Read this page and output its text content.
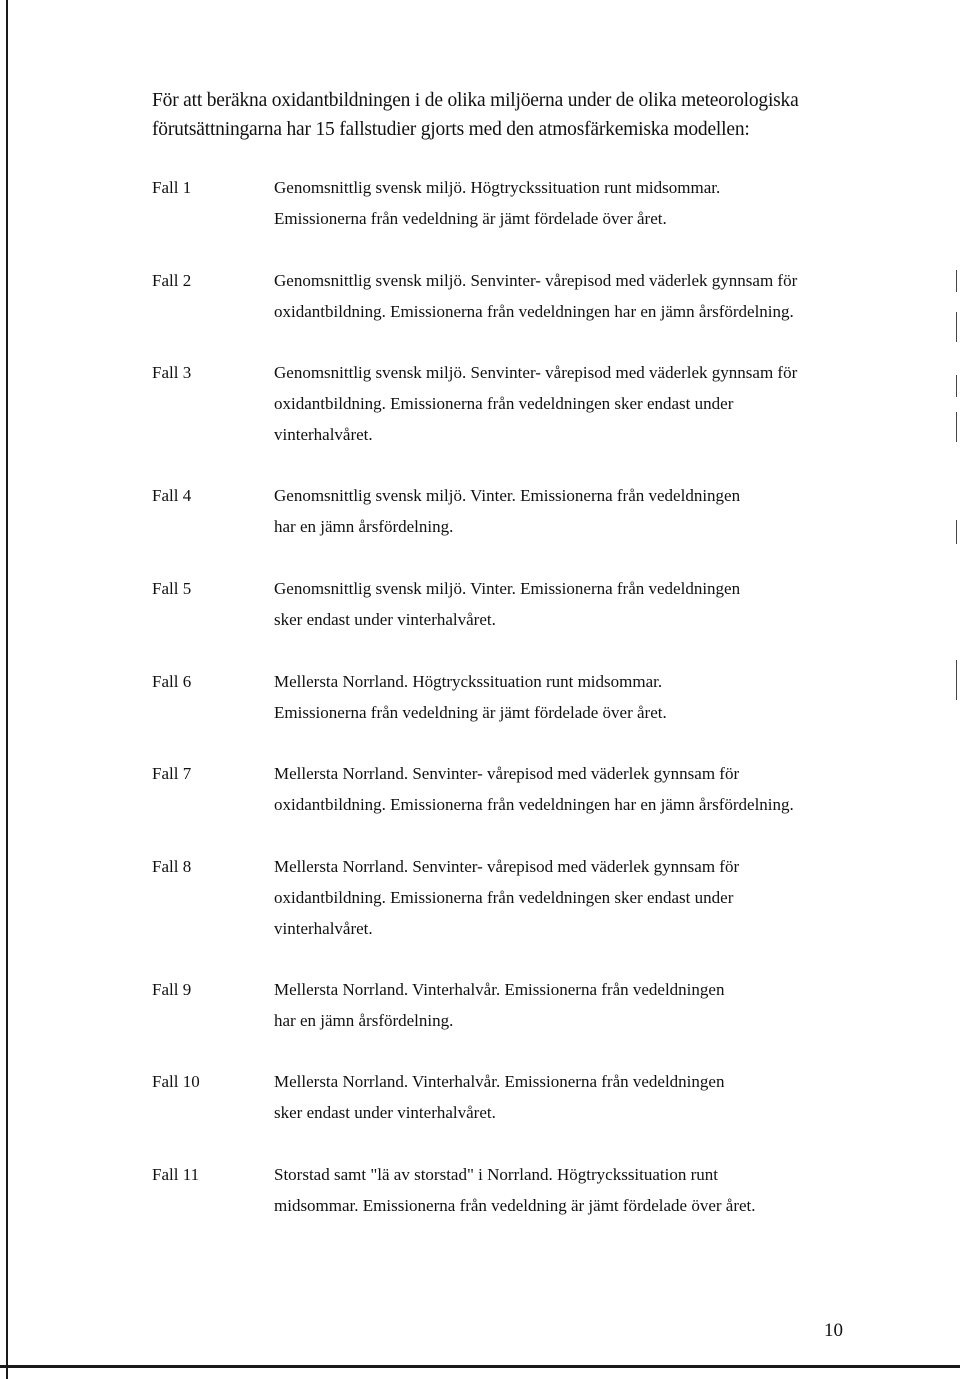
För att beräkna oxidantbildningen i de olika miljöerna under de olika meteorologiska

förutsättningarna har 15 fallstudier gjorts med den atmosfärkemiska modellen:

Fall 1	Genomsnittlig svensk miljö. Högtryckssituation runt midsommar.
Emissionerna från vedeldning är jämt fördelade över året.
Fall 2	Genomsnittlig svensk miljö. Senvinter- vårepisod med väderlek gynnsam för
oxidantbildning. Emissionerna från vedeldningen har en jämn årsfördelning.
Fall 3	Genomsnittlig svensk miljö. Senvinter- vårepisod med väderlek gynnsam för
oxidantbildning. Emissionerna från vedeldningen sker endast under
vinterhalvåret.
Fall 4	Genomsnittlig svensk miljö. Vinter. Emissionerna från vedeldningen
har en jämn årsfördelning.
Fall 5	Genomsnittlig svensk miljö. Vinter. Emissionerna från vedeldningen
sker endast under vinterhalvåret.
Fall 6	Mellersta Norrland. Högtryckssituation runt midsommar.
Emissionerna från vedeldning är jämt fördelade över året.
Fall 7	Mellersta Norrland. Senvinter- vårepisod med väderlek gynnsam för
oxidantbildning. Emissionerna från vedeldningen har en jämn årsfördelning.
Fall 8	Mellersta Norrland. Senvinter- vårepisod med väderlek gynnsam för
oxidantbildning. Emissionerna från vedeldningen sker endast under
vinterhalvåret.
Fall 9	Mellersta Norrland. Vinterhalvår. Emissionerna från vedeldningen
har en jämn årsfördelning.
Fall 10	Mellersta Norrland. Vinterhalvår. Emissionerna från vedeldningen
sker endast under vinterhalvåret.
Fall 11	Storstad samt "lä av storstad" i Norrland. Högtryckssituation runt
midsommar. Emissionerna från vedeldning är jämt fördelade över året.
10
